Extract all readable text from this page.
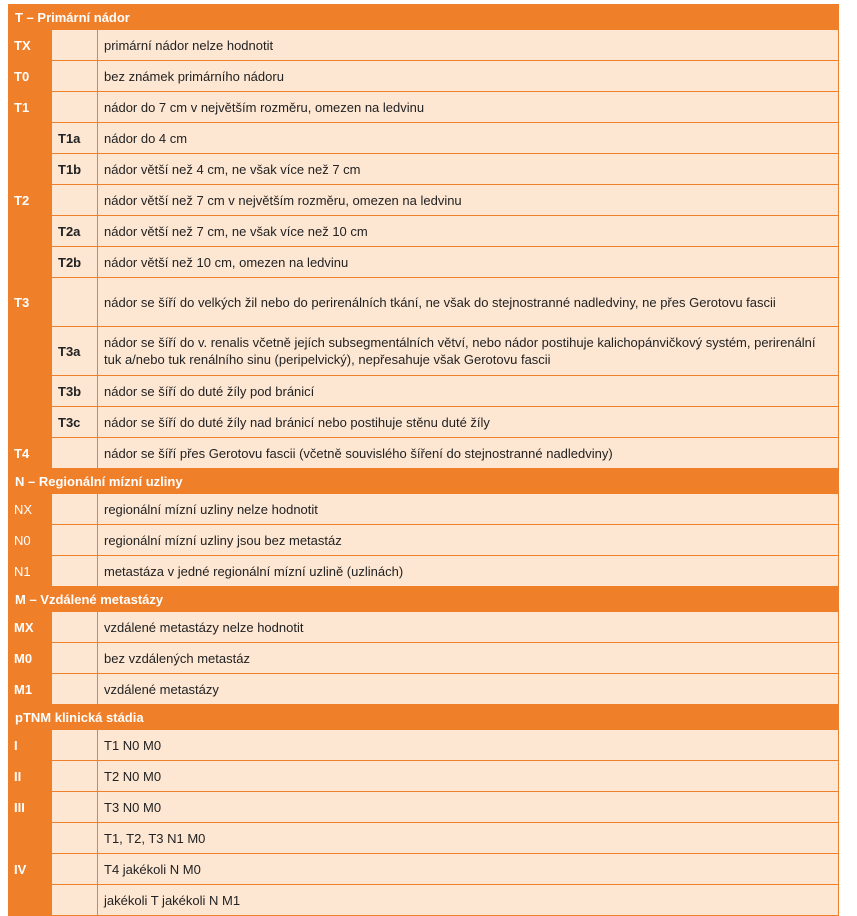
T – Primární nádor		
TX		primární nádor nelze hodnotit
T0		bez známek primárního nádoru
T1		nádor do 7 cm v největším rozměru, omezen na ledvinu
	T1a	nádor do 4 cm
	T1b	nádor větší než 4 cm, ne však více než 7 cm
T2		nádor větší než 7 cm v největším rozměru, omezen na ledvinu
	T2a	nádor větší než 7 cm, ne však více než 10 cm
	T2b	nádor větší než 10 cm, omezen na ledvinu
T3		nádor se šíří do velkých žil nebo do perirenálních tkání, ne však do stejnostranné nadledviny, ne přes Gerotovu fascii
	T3a	nádor se šíří do v. renalis včetně jejích subsegmentálních větví, nebo nádor postihuje kalichopánvičkový systém, perirenální tuk a/nebo tuk renálního sinu (peripelvický), nepřesahuje však Gerotovu fascii
	T3b	nádor se šíří do duté žíly pod bránicí
	T3c	nádor se šíří do duté žíly nad bránicí nebo postihuje stěnu duté žíly
T4		nádor se šíří přes Gerotovu fascii (včetně souvislého šíření do stejnostranné nadledviny)
N – Regionální mízní uzliny		
NX		regionální mízní uzliny nelze hodnotit
N0		regionální mízní uzliny jsou bez metastáz
N1		metastáza v jedné regionální mízní uzlině (uzlinách)
M – Vzdálené metastázy		
MX		vzdálené metastázy nelze hodnotit
M0		bez vzdálených metastáz
M1		vzdálené metastázy
pTNM klinická stádia		
I		T1 N0 M0
II		T2 N0 M0
III		T3 N0 M0
		T1, T2, T3 N1 M0
IV		T4 jakékoli N M0
		jakékoli T jakékoli N M1
